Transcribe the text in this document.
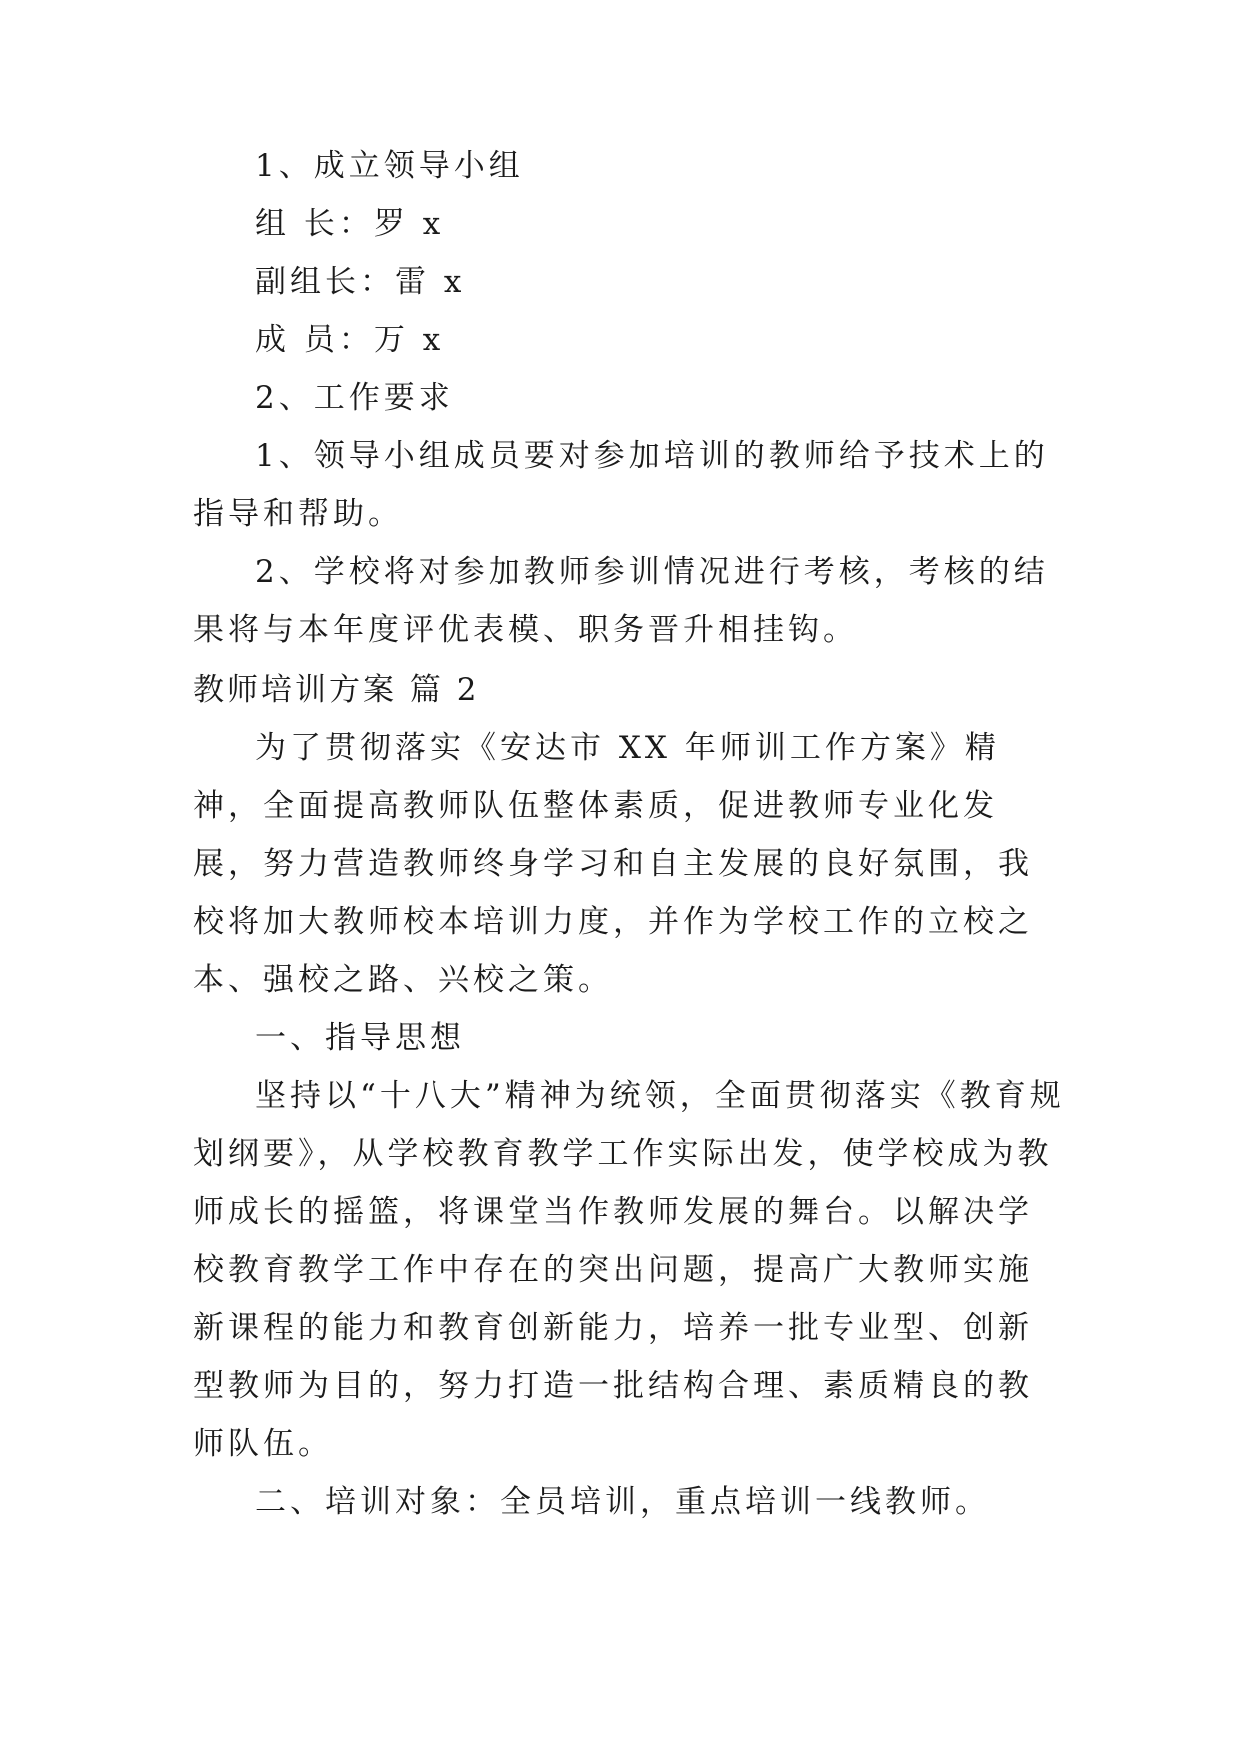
1、成立领导小组

组 长：罗 x

副组长：雷 x

成 员：万 x

2、工作要求

1、领导小组成员要对参加培训的教师给予技术上的指导和帮助。

2、学校将对参加教师参训情况进行考核，考核的结果将与本年度评优表模、职务晋升相挂钩。

教师培训方案 篇 2

为了贯彻落实《安达市 XX 年师训工作方案》精神，全面提高教师队伍整体素质，促进教师专业化发展，努力营造教师终身学习和自主发展的良好氛围，我校将加大教师校本培训力度，并作为学校工作的立校之本、强校之路、兴校之策。

一、指导思想

坚持以“十八大”精神为统领，全面贯彻落实《教育规划纲要》，从学校教育教学工作实际出发，使学校成为教师成长的摇篮，将课堂当作教师发展的舞台。以解决学校教育教学工作中存在的突出问题，提高广大教师实施新课程的能力和教育创新能力，培养一批专业型、创新型教师为目的，努力打造一批结构合理、素质精良的教师队伍。

二、培训对象：全员培训，重点培训一线教师。
